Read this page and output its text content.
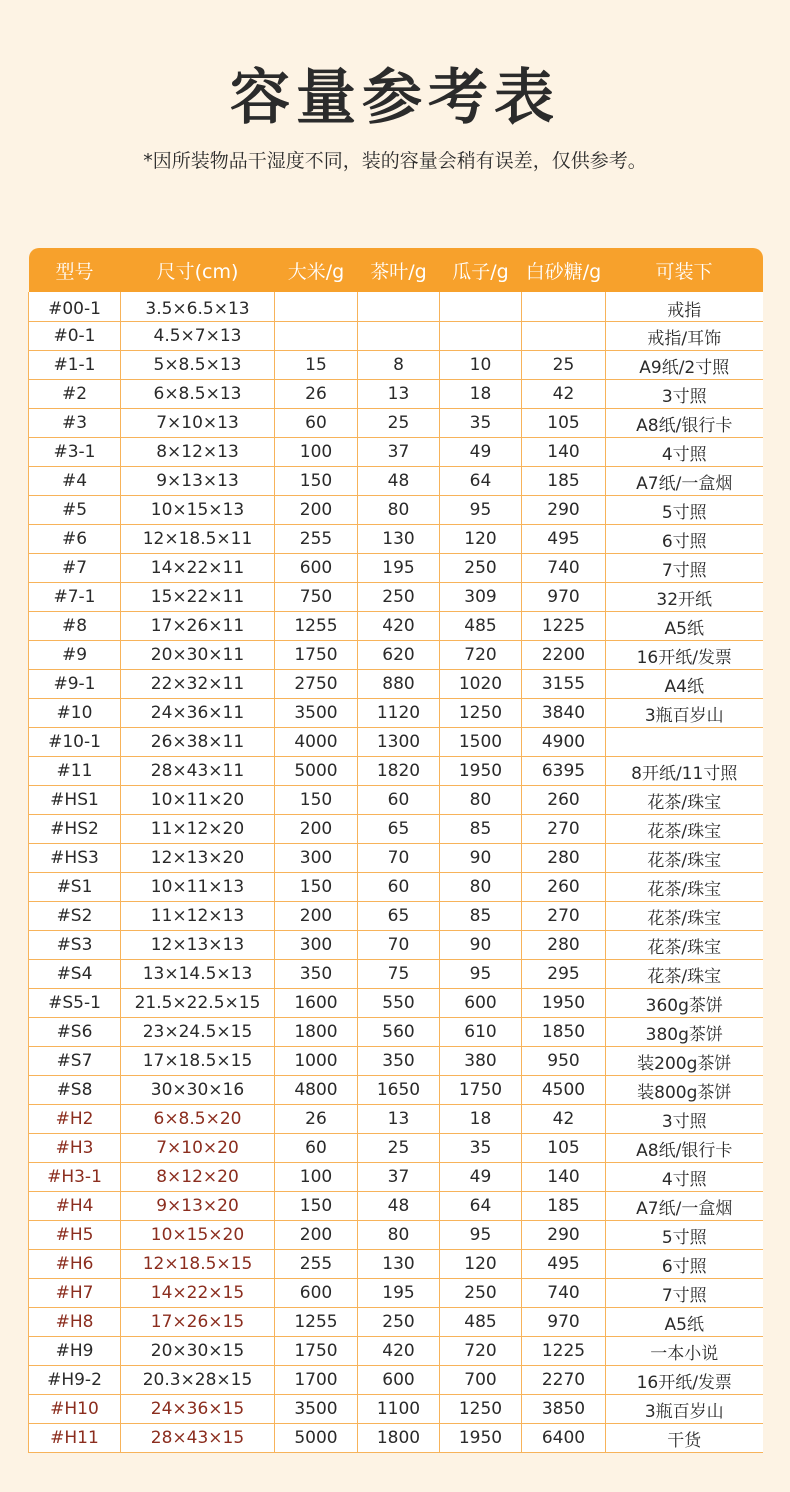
容量参考表
*因所装物品干湿度不同，装的容量会稍有误差，仅供参考。
型号	尺寸(cm)	大米/g	茶叶/g	瓜子/g	白砂糖/g	可装下
#00-1	3.5×6.5×13					戒指
#0-1	4.5×7×13					戒指/耳饰
#1-1	5×8.5×13	15	8	10	25	A9纸/2寸照
#2	6×8.5×13	26	13	18	42	3寸照
#3	7×10×13	60	25	35	105	A8纸/银行卡
#3-1	8×12×13	100	37	49	140	4寸照
#4	9×13×13	150	48	64	185	A7纸/一盒烟
#5	10×15×13	200	80	95	290	5寸照
#6	12×18.5×11	255	130	120	495	6寸照
#7	14×22×11	600	195	250	740	7寸照
#7-1	15×22×11	750	250	309	970	32开纸
#8	17×26×11	1255	420	485	1225	A5纸
#9	20×30×11	1750	620	720	2200	16开纸/发票
#9-1	22×32×11	2750	880	1020	3155	A4纸
#10	24×36×11	3500	1120	1250	3840	3瓶百岁山
#10-1	26×38×11	4000	1300	1500	4900	
#11	28×43×11	5000	1820	1950	6395	8开纸/11寸照
#HS1	10×11×20	150	60	80	260	花茶/珠宝
#HS2	11×12×20	200	65	85	270	花茶/珠宝
#HS3	12×13×20	300	70	90	280	花茶/珠宝
#S1	10×11×13	150	60	80	260	花茶/珠宝
#S2	11×12×13	200	65	85	270	花茶/珠宝
#S3	12×13×13	300	70	90	280	花茶/珠宝
#S4	13×14.5×13	350	75	95	295	花茶/珠宝
#S5-1	21.5×22.5×15	1600	550	600	1950	360g茶饼
#S6	23×24.5×15	1800	560	610	1850	380g茶饼
#S7	17×18.5×15	1000	350	380	950	装200g茶饼
#S8	30×30×16	4800	1650	1750	4500	装800g茶饼
#H2	6×8.5×20	26	13	18	42	3寸照
#H3	7×10×20	60	25	35	105	A8纸/银行卡
#H3-1	8×12×20	100	37	49	140	4寸照
#H4	9×13×20	150	48	64	185	A7纸/一盒烟
#H5	10×15×20	200	80	95	290	5寸照
#H6	12×18.5×15	255	130	120	495	6寸照
#H7	14×22×15	600	195	250	740	7寸照
#H8	17×26×15	1255	250	485	970	A5纸
#H9	20×30×15	1750	420	720	1225	一本小说
#H9-2	20.3×28×15	1700	600	700	2270	16开纸/发票
#H10	24×36×15	3500	1100	1250	3850	3瓶百岁山
#H11	28×43×15	5000	1800	1950	6400	干货
